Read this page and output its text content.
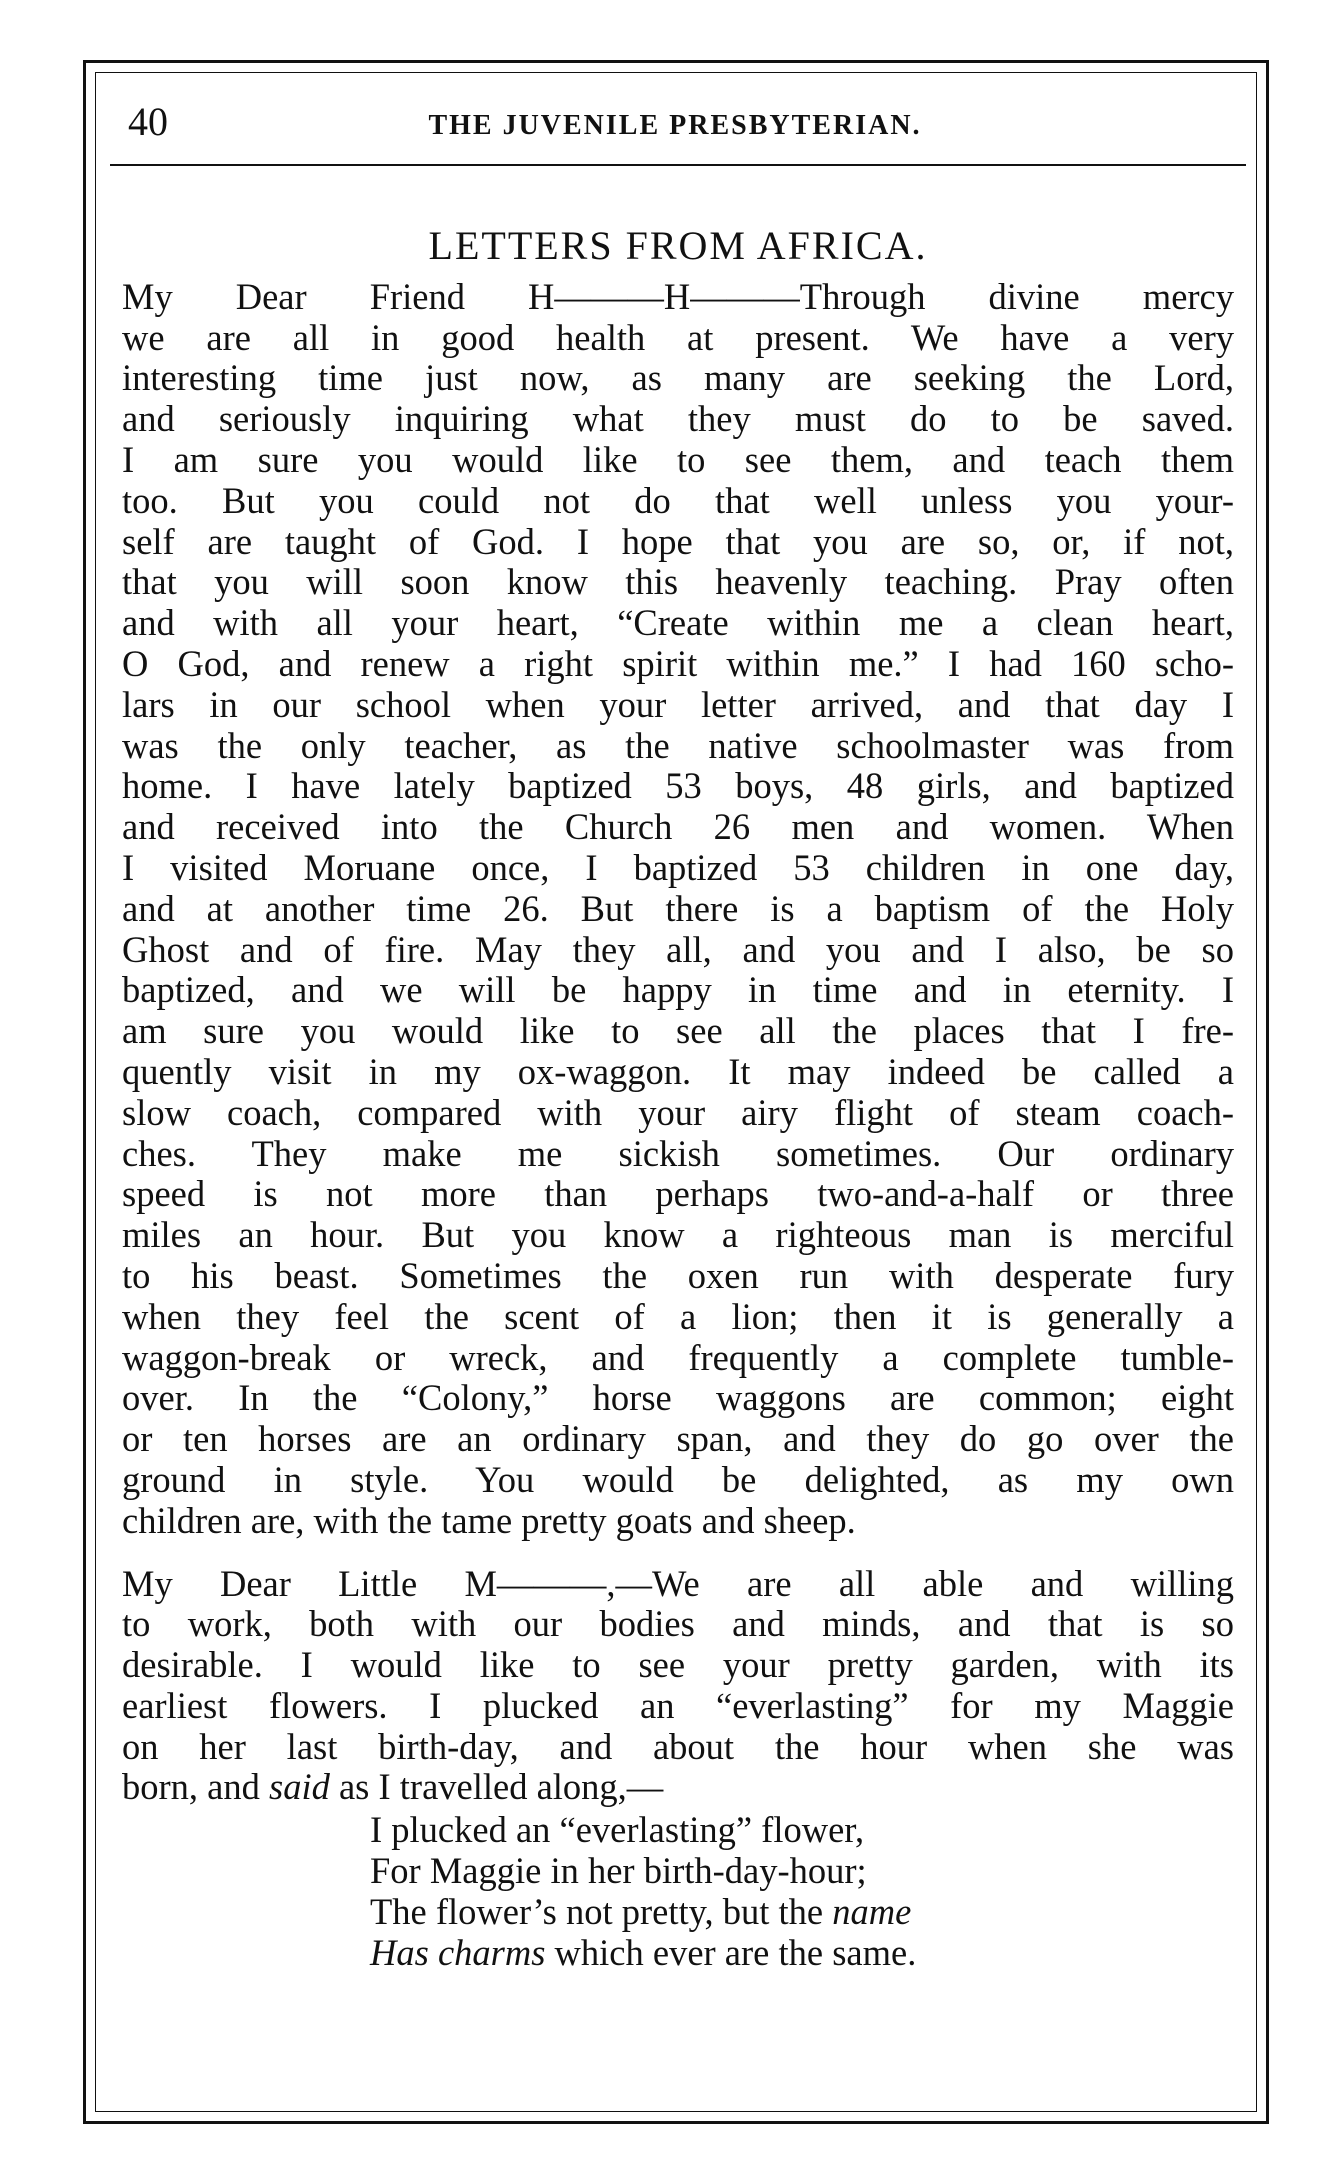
40	THE JUVENILE PRESBYTERIAN.
LETTERS FROM AFRICA.
My Dear Friend H———H———Through divine mercy
we are all in good health at present. We have a very
interesting time just now, as many are seeking the Lord,
and seriously inquiring what they must do to be saved.
I am sure you would like to see them, and teach them
too. But you could not do that well unless you your-
self are taught of God. I hope that you are so, or, if not,
that you will soon know this heavenly teaching. Pray often
and with all your heart, “Create within me a clean heart,
O God, and renew a right spirit within me.” I had 160 scho-
lars in our school when your letter arrived, and that day I
was the only teacher, as the native schoolmaster was from
home. I have lately baptized 53 boys, 48 girls, and baptized
and received into the Church 26 men and women. When
I visited Moruane once, I baptized 53 children in one day,
and at another time 26. But there is a baptism of the Holy
Ghost and of fire. May they all, and you and I also, be so
baptized, and we will be happy in time and in eternity. I
am sure you would like to see all the places that I fre-
quently visit in my ox-waggon. It may indeed be called a
slow coach, compared with your airy flight of steam coach-
ches. They make me sickish sometimes. Our ordinary
speed is not more than perhaps two-and-a-half or three
miles an hour. But you know a righteous man is merciful
to his beast. Sometimes the oxen run with desperate fury
when they feel the scent of a lion; then it is generally a
waggon-break or wreck, and frequently a complete tumble-
over. In the “Colony,” horse waggons are common; eight
or ten horses are an ordinary span, and they do go over the
ground in style. You would be delighted, as my own
children are, with the tame pretty goats and sheep.
My Dear Little M———,—We are all able and willing
to work, both with our bodies and minds, and that is so
desirable. I would like to see your pretty garden, with its
earliest flowers. I plucked an “everlasting” for my Maggie
on her last birth-day, and about the hour when she was
born, and said as I travelled along,—
I plucked an “everlasting” flower,
For Maggie in her birth-day-hour;
The flower’s not pretty, but the name
Has charms which ever are the same.
